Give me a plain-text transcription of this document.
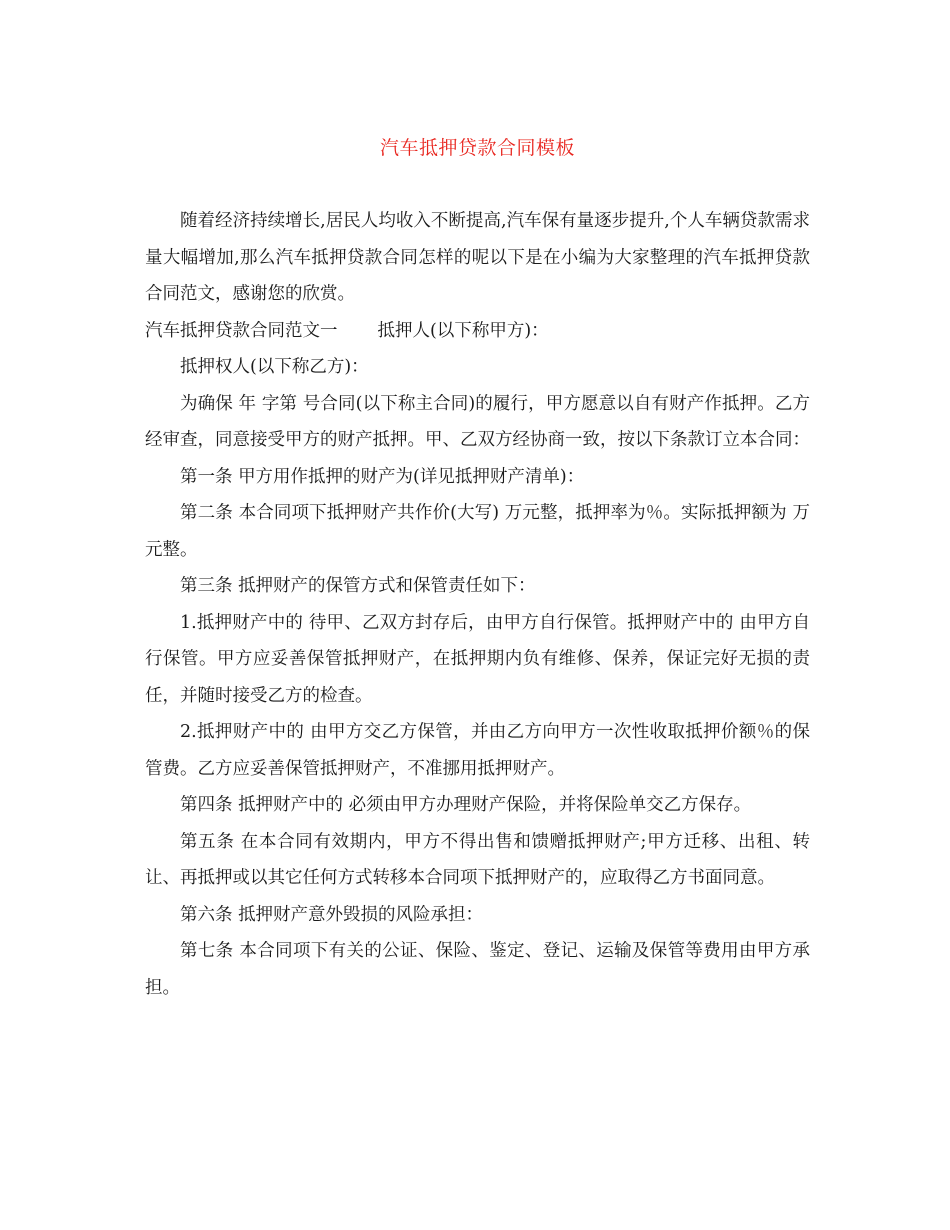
汽车抵押贷款合同模板

随着经济持续增长,居民人均收入不断提高,汽车保有量逐步提升,个人车辆贷款需求量大幅增加,那么汽车抵押贷款合同怎样的呢以下是在小编为大家整理的汽车抵押贷款合同范文，感谢您的欣赏。

汽车抵押贷款合同范文一 抵押人(以下称甲方)：

抵押权人(以下称乙方)：

为确保 年 字第 号合同(以下称主合同)的履行，甲方愿意以自有财产作抵押。乙方经审查，同意接受甲方的财产抵押。甲、乙双方经协商一致，按以下条款订立本合同：

第一条 甲方用作抵押的财产为(详见抵押财产清单)：

第二条 本合同项下抵押财产共作价(大写) 万元整，抵押率为％。实际抵押额为 万元整。

第三条 抵押财产的保管方式和保管责任如下：

1.抵押财产中的 待甲、乙双方封存后，由甲方自行保管。抵押财产中的 由甲方自行保管。甲方应妥善保管抵押财产，在抵押期内负有维修、保养，保证完好无损的责任，并随时接受乙方的检查。

2.抵押财产中的 由甲方交乙方保管，并由乙方向甲方一次性收取抵押价额％的保管费。乙方应妥善保管抵押财产，不准挪用抵押财产。

第四条 抵押财产中的 必须由甲方办理财产保险，并将保险单交乙方保存。

第五条 在本合同有效期内，甲方不得出售和馈赠抵押财产;甲方迁移、出租、转让、再抵押或以其它任何方式转移本合同项下抵押财产的，应取得乙方书面同意。

第六条 抵押财产意外毁损的风险承担：

第七条 本合同项下有关的公证、保险、鉴定、登记、运输及保管等费用由甲方承担。
